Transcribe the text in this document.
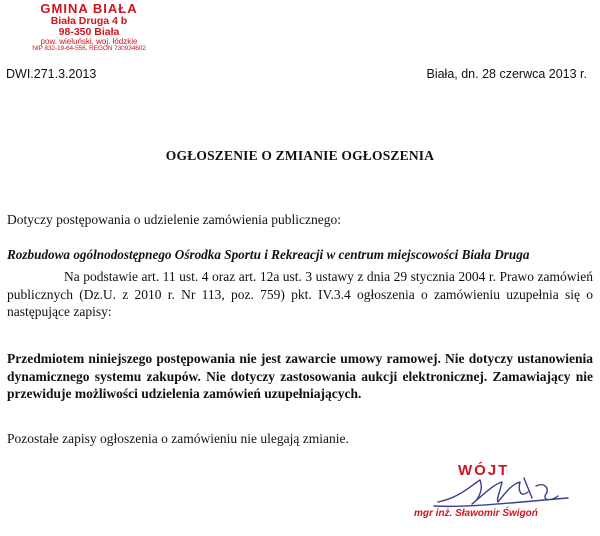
GMINA BIAŁA
Biała Druga 4 b
98-350 Biała
pow. wieluński, woj. łódzkie
NIP 832-19-64-556, REGON 730934602
DWI.271.3.2013	Biała, dn. 28 czerwca 2013 r.
OGŁOSZENIE O ZMIANIE OGŁOSZENIA
Dotyczy postępowania o udzielenie zamówienia publicznego:
Rozbudowa ogólnodostępnego Ośrodka Sportu i Rekreacji w centrum miejscowości Biała Druga
Na podstawie art. 11 ust. 4 oraz art. 12a ust. 3 ustawy z dnia 29 stycznia 2004 r. Prawo zamówień publicznych (Dz.U. z 2010 r. Nr 113, poz. 759) pkt. IV.3.4 ogłoszenia o zamówieniu uzupełnia się o następujące zapisy:
Przedmiotem niniejszego postępowania nie jest zawarcie umowy ramowej. Nie dotyczy ustanowienia dynamicznego systemu zakupów. Nie dotyczy zastosowania aukcji elektronicznej. Zamawiający nie przewiduje możliwości udzielenia zamówień uzupełniających.
Pozostałe zapisy ogłoszenia o zamówieniu nie ulegają zmianie.
WÓJT
mgr inż. Sławomir Świgoń
